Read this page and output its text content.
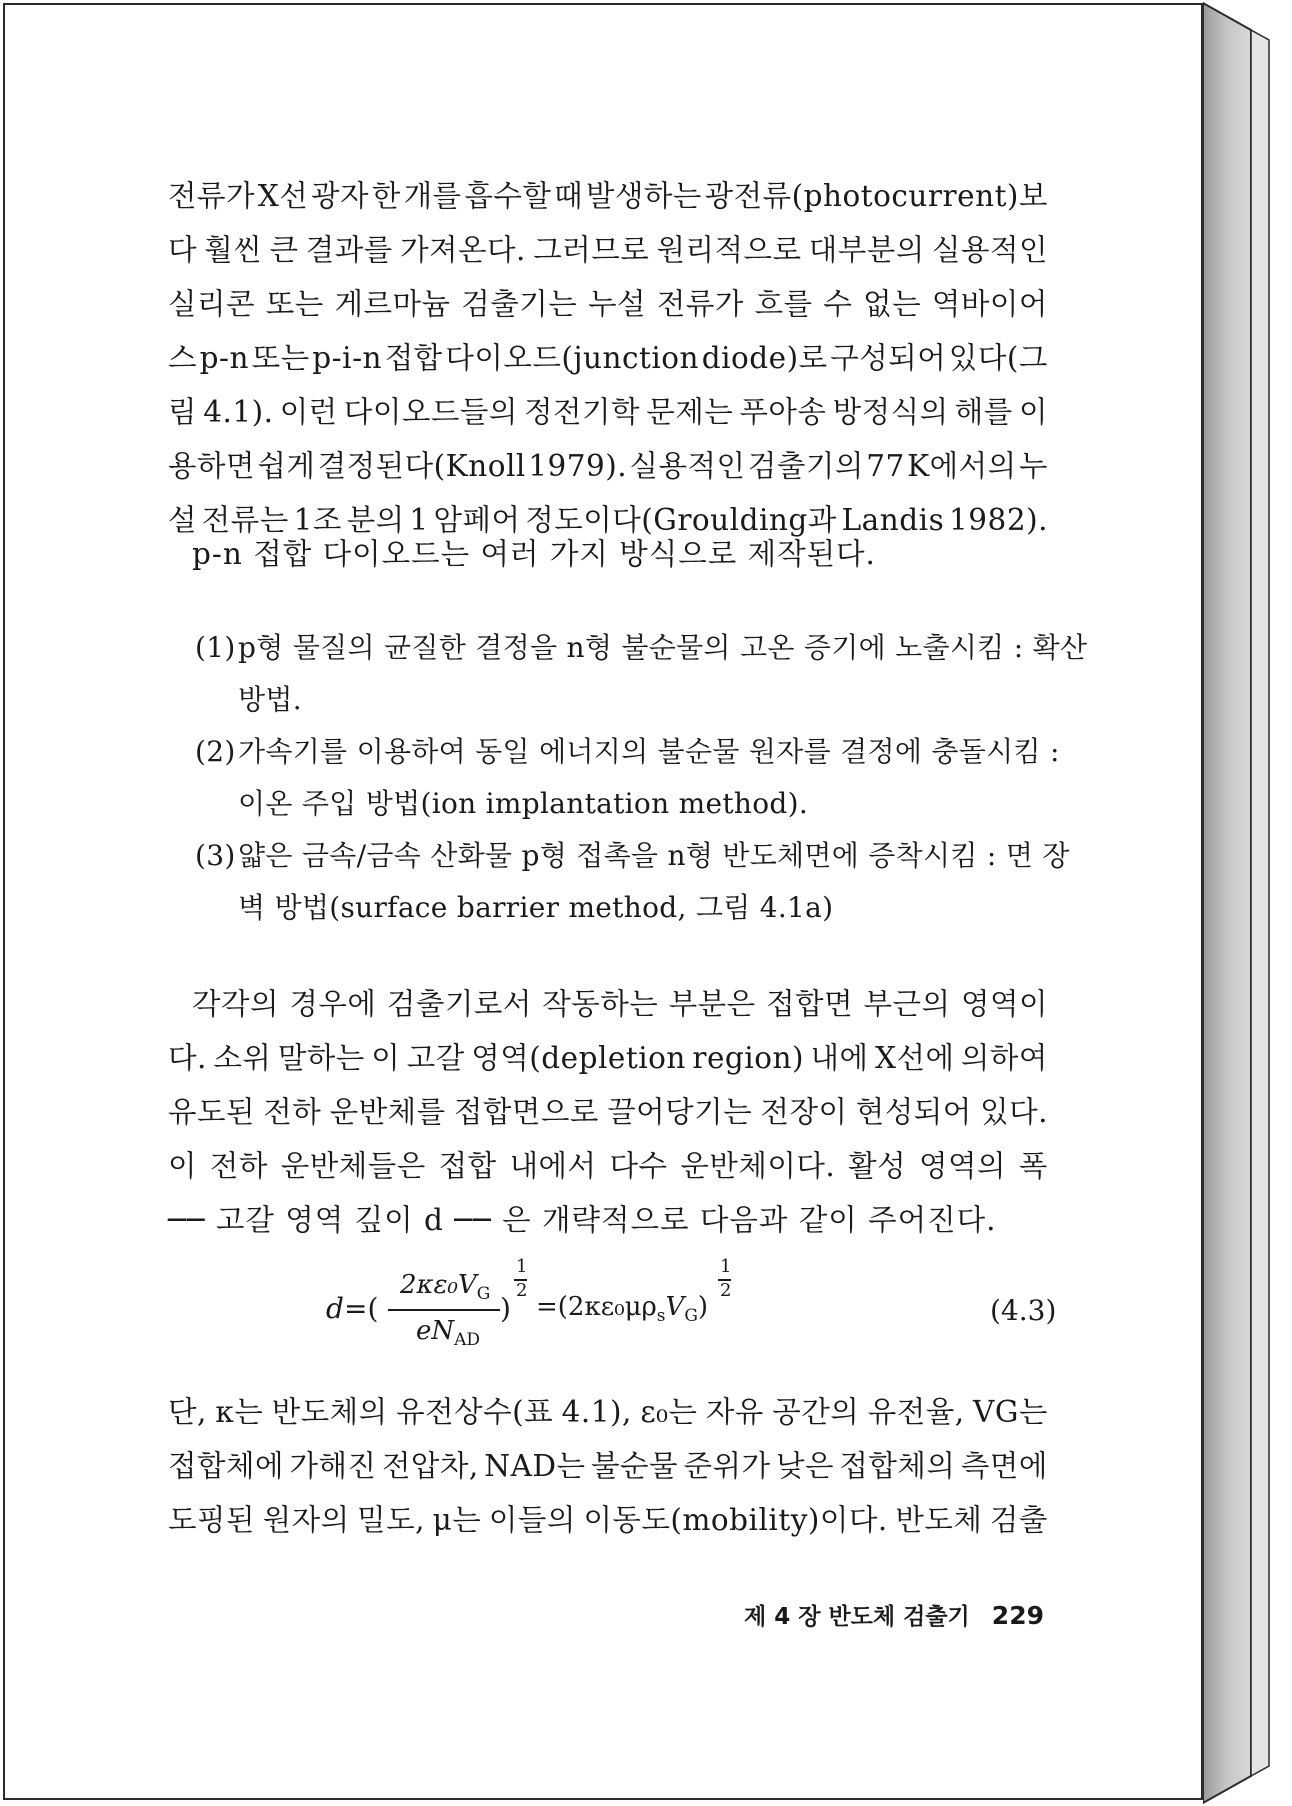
전류가 X선 광자 한 개를 흡수할 때 발생하는 광전류(photocurrent)보
다 훨씬 큰 결과를 가져온다. 그러므로 원리적으로 대부분의 실용적인
실리콘 또는 게르마늄 검출기는 누설 전류가 흐를 수 없는 역바이어
스 p-n 또는 p-i-n 접합 다이오드(junction diode)로 구성되어 있다(그
림 4.1). 이런 다이오드들의 정전기학 문제는 푸아송 방정식의 해를 이
용하면 쉽게 결정된다(Knoll 1979). 실용적인 검출기의 77 K에서의 누
설 전류는 1조 분의 1 암페어 정도이다(Groulding과 Landis 1982).
p-n 접합 다이오드는 여러 가지 방식으로 제작된다.
(1) p형 물질의 균질한 결정을 n형 불순물의 고온 증기에 노출시킴 : 확산
방법.
(2) 가속기를 이용하여 동일 에너지의 불순물 원자를 결정에 충돌시킴 :
이온 주입 방법(ion implantation method).
(3) 얇은 금속/금속 산화물 p형 접촉을 n형 반도체면에 증착시킴 : 면 장
벽 방법(surface barrier method, 그림 4.1a)
각각의 경우에 검출기로서 작동하는 부분은 접합면 부근의 영역이
다. 소위 말하는 이 고갈 영역(depletion region) 내에 X선에 의하여
유도된 전하 운반체를 접합면으로 끌어당기는 전장이 현성되어 있다.
이 전하 운반체들은 접합 내에서 다수 운반체이다. 활성 영역의 폭
── 고갈 영역 깊이 d ── 은 개략적으로 다음과 같이 주어진다.
d =(
$2\kappa\varepsilon_0V_G$
$eN_{AD}$
)
1
2
$=(2\kappa\varepsilon_0\mu\rho_sV_G)$
1
2
(4.3)
단, κ는 반도체의 유전상수(표 4.1), ε₀는 자유 공간의 유전율, VG는
접합체에 가해진 전압차, NAD는 불순물 준위가 낮은 접합체의 측면에
도핑된 원자의 밀도, μ는 이들의 이동도(mobility)이다. 반도체 검출
제 4 장 반도체 검출기 229
